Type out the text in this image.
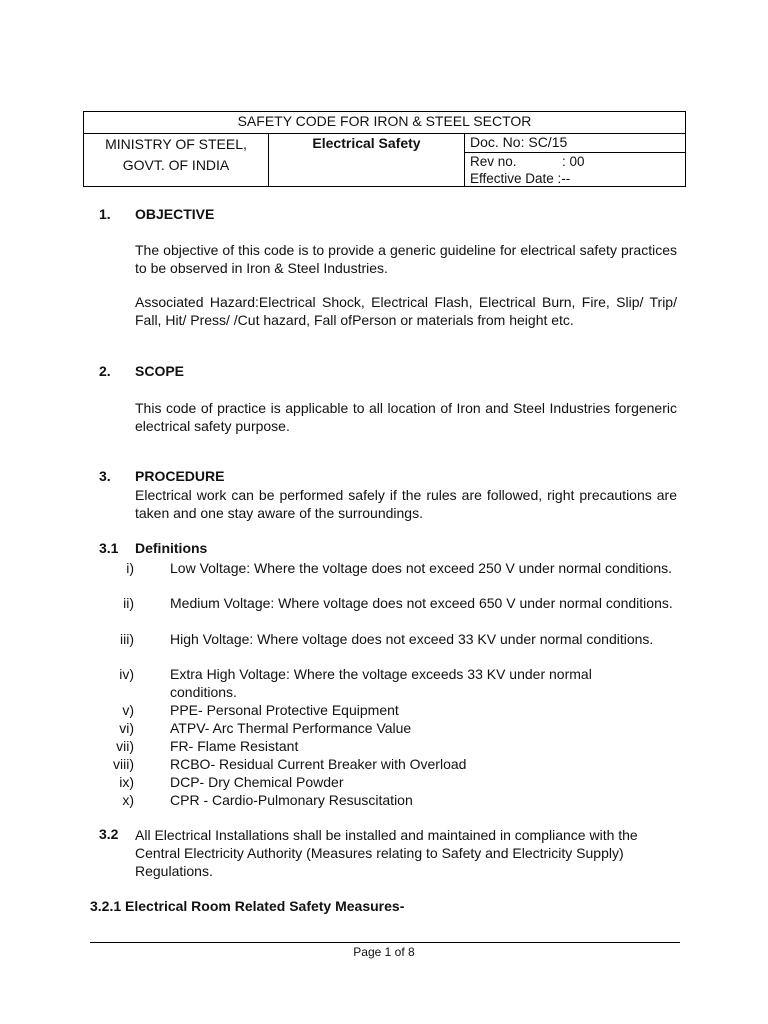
SAFETY CODE FOR IRON & STEEL SECTOR
MINISTRY OF STEEL,
GOVT. OF INDIA
Electrical Safety	Doc. No: SC/15
Rev no.	: 00
Effective Date :--
1. OBJECTIVE
The objective of this code is to provide a generic guideline for electrical safety practices to be observed in Iron & Steel Industries.
Associated Hazard:Electrical Shock, Electrical Flash, Electrical Burn, Fire, Slip/ Trip/ Fall, Hit/ Press/ /Cut hazard, Fall ofPerson or materials from height etc.
2. SCOPE
This code of practice is applicable to all location of Iron and Steel Industries forgeneric electrical safety purpose.
3. PROCEDURE
Electrical work can be performed safely if the rules are followed, right precautions are taken and one stay aware of the surroundings.
3.1 Definitions
i)	Low Voltage: Where the voltage does not exceed 250 V under normal conditions.
ii)	Medium Voltage: Where voltage does not exceed 650 V under normal conditions.
iii)	High Voltage: Where voltage does not exceed 33 KV under normal conditions.
iv)	Extra High Voltage: Where the voltage exceeds 33 KV under normal conditions.
v)	PPE- Personal Protective Equipment
vi)	ATPV- Arc Thermal Performance Value
vii)	FR- Flame Resistant
viii)	RCBO- Residual Current Breaker with Overload
ix)	DCP- Dry Chemical Powder
x)	CPR - Cardio-Pulmonary Resuscitation
3.2 All Electrical Installations shall be installed and maintained in compliance with the Central Electricity Authority (Measures relating to Safety and Electricity Supply) Regulations.
3.2.1 Electrical Room Related Safety Measures-
Page 1 of 8
